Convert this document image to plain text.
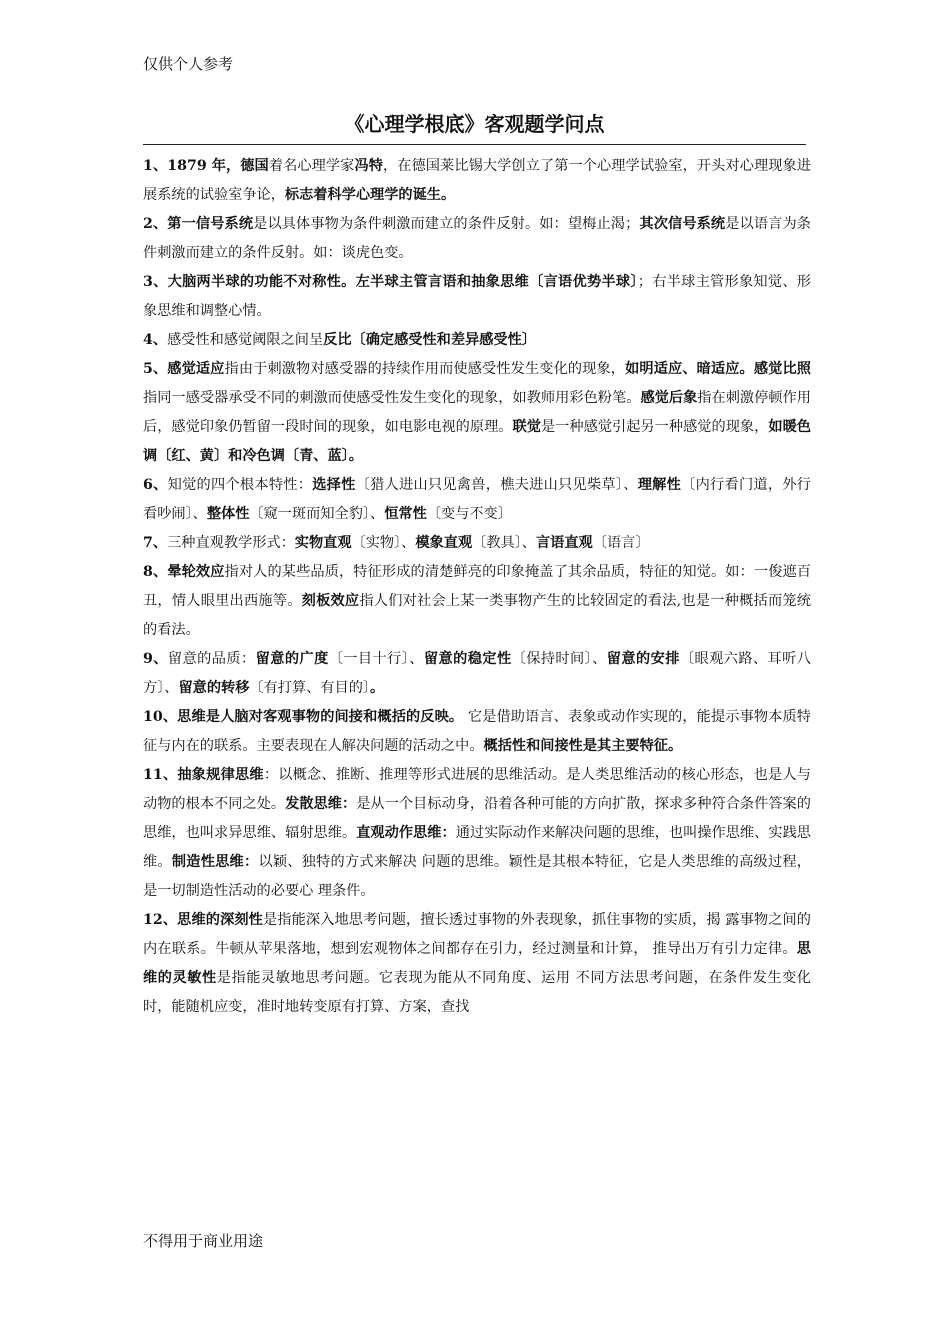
仅供个人参考
《心理学根底》客观题学问点

1、1879 年，德国着名心理学家冯特，在德国莱比锡大学创立了第一个心理学试验室，开头对心理现象进展系统的试验室争论，标志着科学心理学的诞生。

2、第一信号系统是以具体事物为条件刺激而建立的条件反射。如：望梅止渴；其次信号系统是以语言为条件刺激而建立的条件反射。如：谈虎色变。

3、大脑两半球的功能不对称性。左半球主管言语和抽象思维〔言语优势半球〕；右半球主管形象知觉、形象思维和调整心情。

4、感受性和感觉阈限之间呈反比〔确定感受性和差异感受性〕

5、感觉适应指由于刺激物对感受器的持续作用而使感受性发生变化的现象，如明适应、暗适应。感觉比照指同一感受器承受不同的刺激而使感受性发生变化的现象，如教师用彩色粉笔。感觉后象指在刺激停顿作用后，感觉印象仍暂留一段时间的现象，如电影电视的原理。联觉是一种感觉引起另一种感觉的现象，如暖色调〔红、黄〕和冷色调〔青、蓝〕。

6、知觉的四个根本特性：选择性〔猎人进山只见禽兽，樵夫进山只见柴草〕、理解性〔内行看门道，外行看吵闹〕、整体性〔窥一斑而知全豹〕、恒常性〔变与不变〕

7、三种直观教学形式：实物直观〔实物〕、模象直观〔教具〕、言语直观〔语言〕

8、晕轮效应指对人的某些品质，特征形成的清楚鲜亮的印象掩盖了其余品质，特征的知觉。如：一俊遮百丑，情人眼里出西施等。刻板效应指人们对社会上某一类事物产生的比较固定的看法,也是一种概括而笼统的看法。

9、留意的品质：留意的广度〔一目十行〕、留意的稳定性〔保持时间〕、留意的安排〔眼观六路、耳听八方〕、留意的转移〔有打算、有目的〕。

10、思维是人脑对客观事物的间接和概括的反映。 它是借助语言、表象或动作实现的，能提示事物本质特征与内在的联系。主要表现在人解决问题的活动之中。概括性和间接性是其主要特征。

11、抽象规律思维：以概念、推断、推理等形式进展的思维活动。是人类思维活动的核心形态，也是人与动物的根本不同之处。发散思维：是从一个目标动身，沿着各种可能的方向扩散，探求多种符合条件答案的思维，也叫求异思维、辐射思维。直观动作思维：通过实际动作来解决问题的思维，也叫操作思维、实践思维。制造性思维：以颖、独特的方式来解决 问题的思维。颖性是其根本特征，它是人类思维的高级过程，是一切制造性活动的必要心 理条件。

12、思维的深刻性是指能深入地思考问题，擅长透过事物的外表现象，抓住事物的实质，揭 露事物之间的内在联系。牛顿从苹果落地，想到宏观物体之间都存在引力，经过测量和计算， 推导出万有引力定律。思维的灵敏性是指能灵敏地思考问题。它表现为能从不同角度、运用 不同方法思考问题，在条件发生变化时，能随机应变，准时地转变原有打算、方案，查找

不得用于商业用途
